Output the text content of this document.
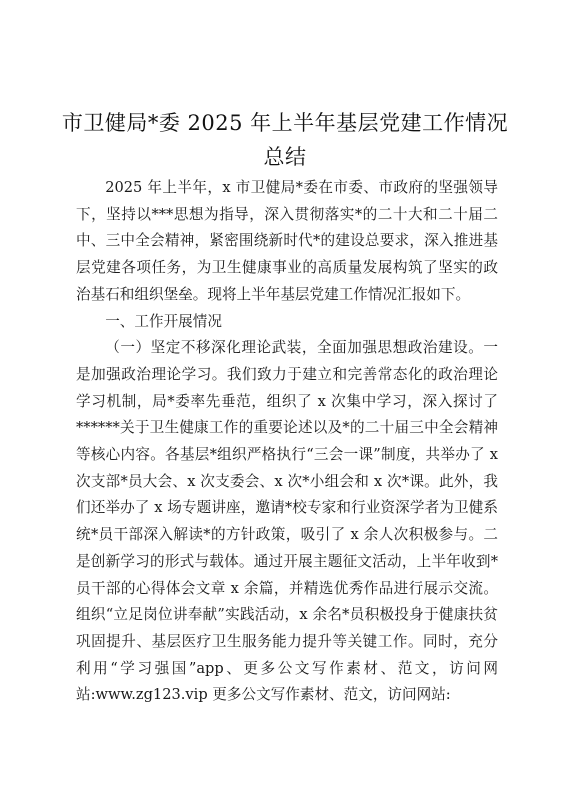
市卫健局*委 2025 年上半年基层党建工作情况
总结

2025 年上半年，x 市卫健局*委在市委、市政府的坚强领导下，坚持以***思想为指导，深入贯彻落实*的二十大和二十届二中、三中全会精神，紧密围绕新时代*的建设总要求，深入推进基层党建各项任务，为卫生健康事业的高质量发展构筑了坚实的政治基石和组织堡垒。现将上半年基层党建工作情况汇报如下。

一、工作开展情况

（一）坚定不移深化理论武装，全面加强思想政治建设。一是加强政治理论学习。我们致力于建立和完善常态化的政治理论学习机制，局*委率先垂范，组织了 x 次集中学习，深入探讨了******关于卫生健康工作的重要论述以及*的二十届三中全会精神等核心内容。各基层*组织严格执行“三会一课”制度，共举办了 x 次支部*员大会、x 次支委会、x 次*小组会和 x 次*课。此外，我们还举办了 x 场专题讲座，邀请*校专家和行业资深学者为卫健系统*员干部深入解读*的方针政策，吸引了 x 余人次积极参与。二是创新学习的形式与载体。通过开展主题征文活动，上半年收到*员干部的心得体会文章 x 余篇，并精选优秀作品进行展示交流。组织“立足岗位讲奉献”实践活动，x 余名*员积极投身于健康扶贫巩固提升、基层医疗卫生服务能力提升等关键工作。同时，充分利用“学习强国”app、更多公文写作素材、范文，访问网站:www.zg123.vip 更多公文写作素材、范文，访问网站:
